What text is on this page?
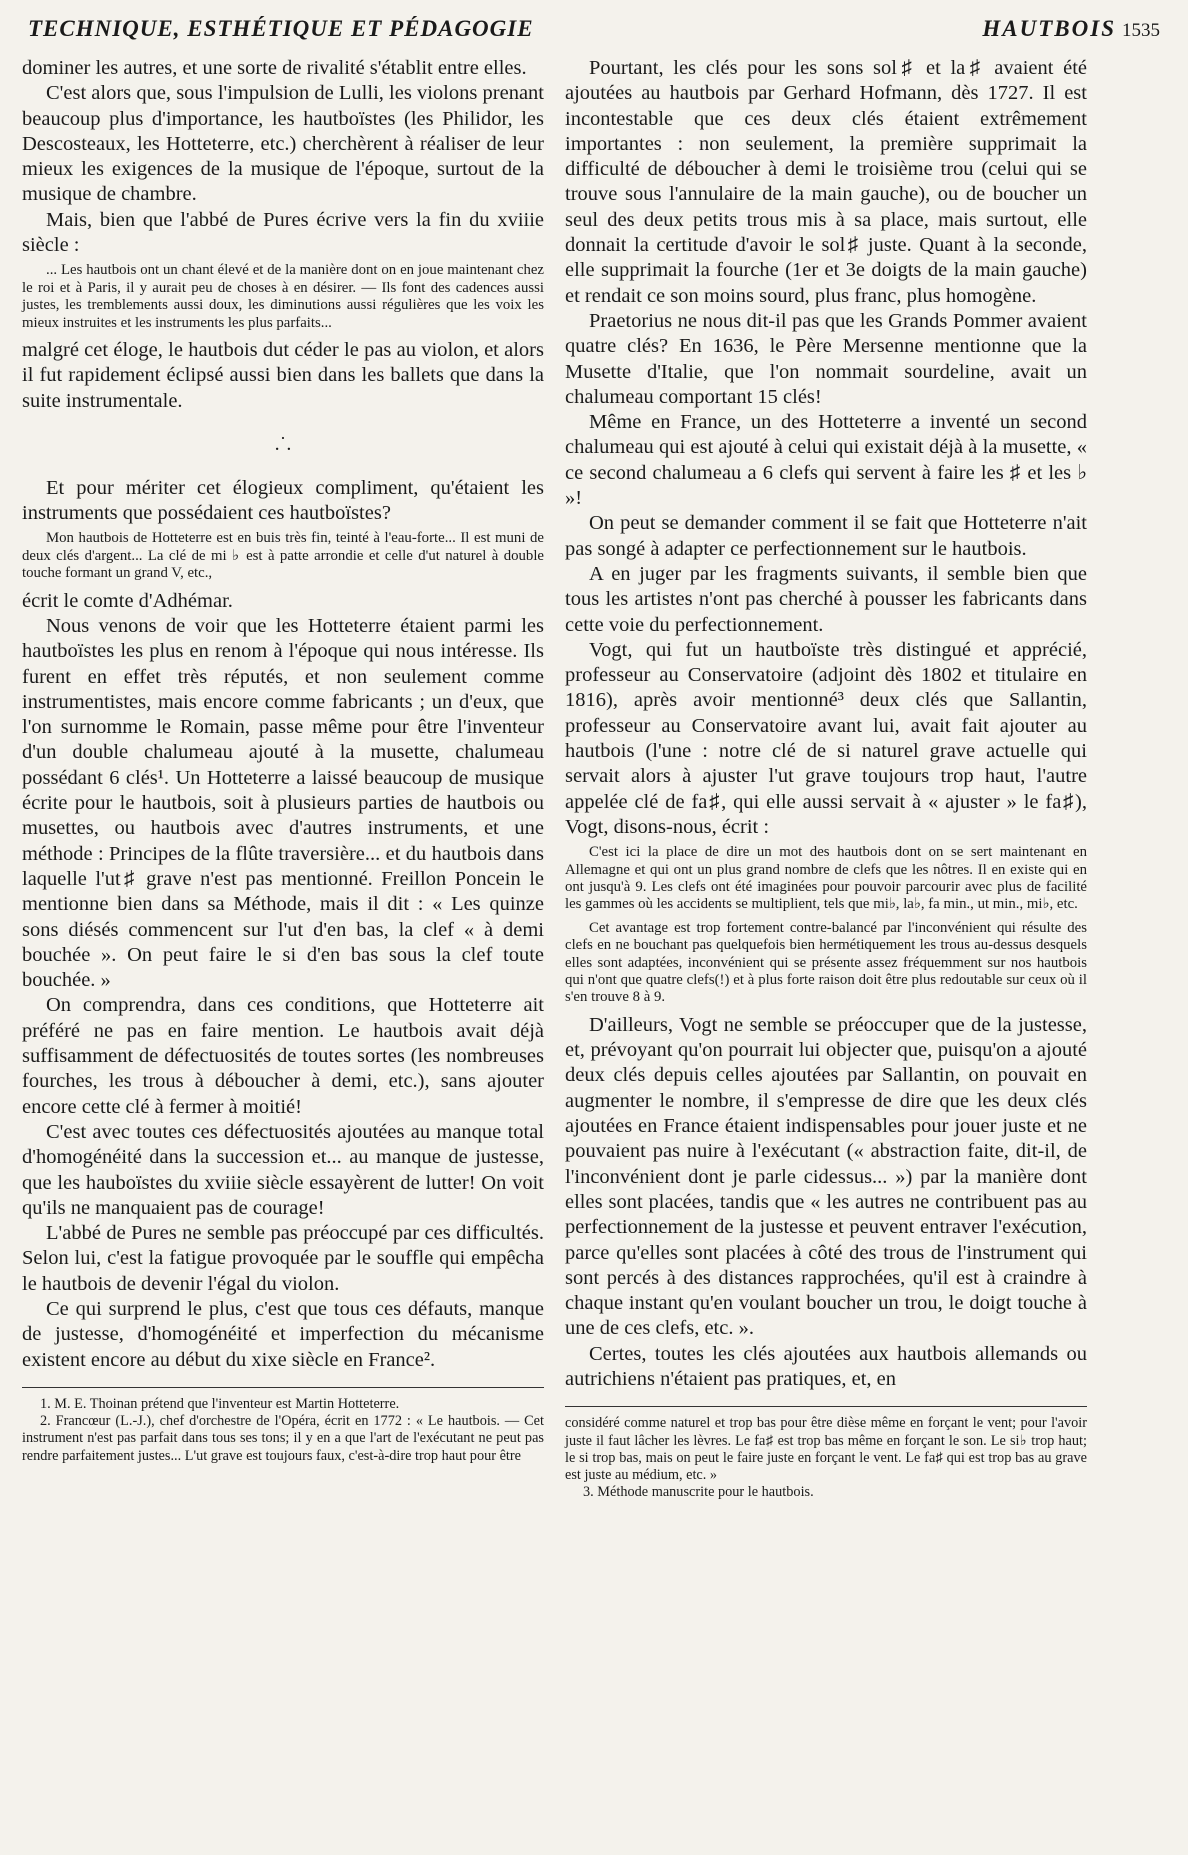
TECHNIQUE, ESTHÉTIQUE ET PÉDAGOGIE	HAUTBOIS 1535

dominer les autres, et une sorte de rivalité s'établit entre elles.

C'est alors que, sous l'impulsion de Lulli, les violons prenant beaucoup plus d'importance, les hautboïstes (les Philidor, les Descosteaux, les Hotteterre, etc.) cherchèrent à réaliser de leur mieux les exigences de la musique de l'époque, surtout de la musique de chambre.

Mais, bien que l'abbé de Pures écrive vers la fin du xviiie siècle :

... Les hautbois ont un chant élevé et de la manière dont on en joue maintenant chez le roi et à Paris, il y aurait peu de choses à en désirer. — Ils font des cadences aussi justes, les tremblements aussi doux, les diminutions aussi régulières que les voix les mieux instruites et les instruments les plus parfaits...

malgré cet éloge, le hautbois dut céder le pas au violon, et alors il fut rapidement éclipsé aussi bien dans les ballets que dans la suite instrumentale.

.˙.

Et pour mériter cet élogieux compliment, qu'étaient les instruments que possédaient ces hautboïstes?

Mon hautbois de Hotteterre est en buis très fin, teinté à l'eau-forte... Il est muni de deux clés d'argent... La clé de mi ♭ est à patte arrondie et celle d'ut naturel à double touche formant un grand V, etc.,

écrit le comte d'Adhémar.

Nous venons de voir que les Hotteterre étaient parmi les hautboïstes les plus en renom à l'époque qui nous intéresse. Ils furent en effet très réputés, et non seulement comme instrumentistes, mais encore comme fabricants ; un d'eux, que l'on surnomme le Romain, passe même pour être l'inventeur d'un double chalumeau ajouté à la musette, chalumeau possédant 6 clés¹. Un Hotteterre a laissé beaucoup de musique écrite pour le hautbois, soit à plusieurs parties de hautbois ou musettes, ou hautbois avec d'autres instruments, et une méthode : Principes de la flûte traversière... et du hautbois dans laquelle l'ut♯ grave n'est pas mentionné. Freillon Poncein le mentionne bien dans sa Méthode, mais il dit : « Les quinze sons diésés commencent sur l'ut d'en bas, la clef « à demi bouchée ». On peut faire le si d'en bas sous la clef toute bouchée. »

On comprendra, dans ces conditions, que Hotteterre ait préféré ne pas en faire mention. Le hautbois avait déjà suffisamment de défectuosités de toutes sortes (les nombreuses fourches, les trous à déboucher à demi, etc.), sans ajouter encore cette clé à fermer à moitié!

C'est avec toutes ces défectuosités ajoutées au manque total d'homogénéité dans la succession et... au manque de justesse, que les hauboïstes du xviiie siècle essayèrent de lutter! On voit qu'ils ne manquaient pas de courage!

L'abbé de Pures ne semble pas préoccupé par ces difficultés. Selon lui, c'est la fatigue provoquée par le souffle qui empêcha le hautbois de devenir l'égal du violon.

Ce qui surprend le plus, c'est que tous ces défauts, manque de justesse, d'homogénéité et imperfection du mécanisme existent encore au début du xixe siècle en France².

1. M. E. Thoinan prétend que l'inventeur est Martin Hotteterre.

2. Francœur (L.-J.), chef d'orchestre de l'Opéra, écrit en 1772 : « Le hautbois. — Cet instrument n'est pas parfait dans tous ses tons; il y en a que l'art de l'exécutant ne peut pas rendre parfaitement justes... L'ut grave est toujours faux, c'est-à-dire trop haut pour être

Pourtant, les clés pour les sons sol♯ et la♯ avaient été ajoutées au hautbois par Gerhard Hofmann, dès 1727. Il est incontestable que ces deux clés étaient extrêmement importantes : non seulement, la première supprimait la difficulté de déboucher à demi le troisième trou (celui qui se trouve sous l'annulaire de la main gauche), ou de boucher un seul des deux petits trous mis à sa place, mais surtout, elle donnait la certitude d'avoir le sol♯ juste. Quant à la seconde, elle supprimait la fourche (1er et 3e doigts de la main gauche) et rendait ce son moins sourd, plus franc, plus homogène.

Praetorius ne nous dit-il pas que les Grands Pommer avaient quatre clés? En 1636, le Père Mersenne mentionne que la Musette d'Italie, que l'on nommait sourdeline, avait un chalumeau comportant 15 clés!

Même en France, un des Hotteterre a inventé un second chalumeau qui est ajouté à celui qui existait déjà à la musette, « ce second chalumeau a 6 clefs qui servent à faire les ♯ et les ♭ »!

On peut se demander comment il se fait que Hotteterre n'ait pas songé à adapter ce perfectionnement sur le hautbois.

A en juger par les fragments suivants, il semble bien que tous les artistes n'ont pas cherché à pousser les fabricants dans cette voie du perfectionnement.

Vogt, qui fut un hautboïste très distingué et apprécié, professeur au Conservatoire (adjoint dès 1802 et titulaire en 1816), après avoir mentionné³ deux clés que Sallantin, professeur au Conservatoire avant lui, avait fait ajouter au hautbois (l'une : notre clé de si naturel grave actuelle qui servait alors à ajuster l'ut grave toujours trop haut, l'autre appelée clé de fa♯, qui elle aussi servait à « ajuster » le fa♯), Vogt, disons-nous, écrit :

C'est ici la place de dire un mot des hautbois dont on se sert maintenant en Allemagne et qui ont un plus grand nombre de clefs que les nôtres. Il en existe qui en ont jusqu'à 9. Les clefs ont été imaginées pour pouvoir parcourir avec plus de facilité les gammes où les accidents se multiplient, tels que mi♭, la♭, fa min., ut min., mi♭, etc.

Cet avantage est trop fortement contre-balancé par l'inconvénient qui résulte des clefs en ne bouchant pas quelquefois bien hermétiquement les trous au-dessus desquels elles sont adaptées, inconvénient qui se présente assez fréquemment sur nos hautbois qui n'ont que quatre clefs(!) et à plus forte raison doit être plus redoutable sur ceux où il s'en trouve 8 à 9.

D'ailleurs, Vogt ne semble se préoccuper que de la justesse, et, prévoyant qu'on pourrait lui objecter que, puisqu'on a ajouté deux clés depuis celles ajoutées par Sallantin, on pouvait en augmenter le nombre, il s'empresse de dire que les deux clés ajoutées en France étaient indispensables pour jouer juste et ne pouvaient pas nuire à l'exécutant (« abstraction faite, dit-il, de l'inconvénient dont je parle cidessus... ») par la manière dont elles sont placées, tandis que « les autres ne contribuent pas au perfectionnement de la justesse et peuvent entraver l'exécution, parce qu'elles sont placées à côté des trous de l'instrument qui sont percés à des distances rapprochées, qu'il est à craindre à chaque instant qu'en voulant boucher un trou, le doigt touche à une de ces clefs, etc. ».

Certes, toutes les clés ajoutées aux hautbois allemands ou autrichiens n'étaient pas pratiques, et, en

considéré comme naturel et trop bas pour être dièse même en forçant le vent; pour l'avoir juste il faut lâcher les lèvres. Le fa♯ est trop bas même en forçant le son. Le si♭ trop haut; le si trop bas, mais on peut le faire juste en forçant le vent. Le fa♯ qui est trop bas au grave est juste au médium, etc. »

3. Méthode manuscrite pour le hautbois.
